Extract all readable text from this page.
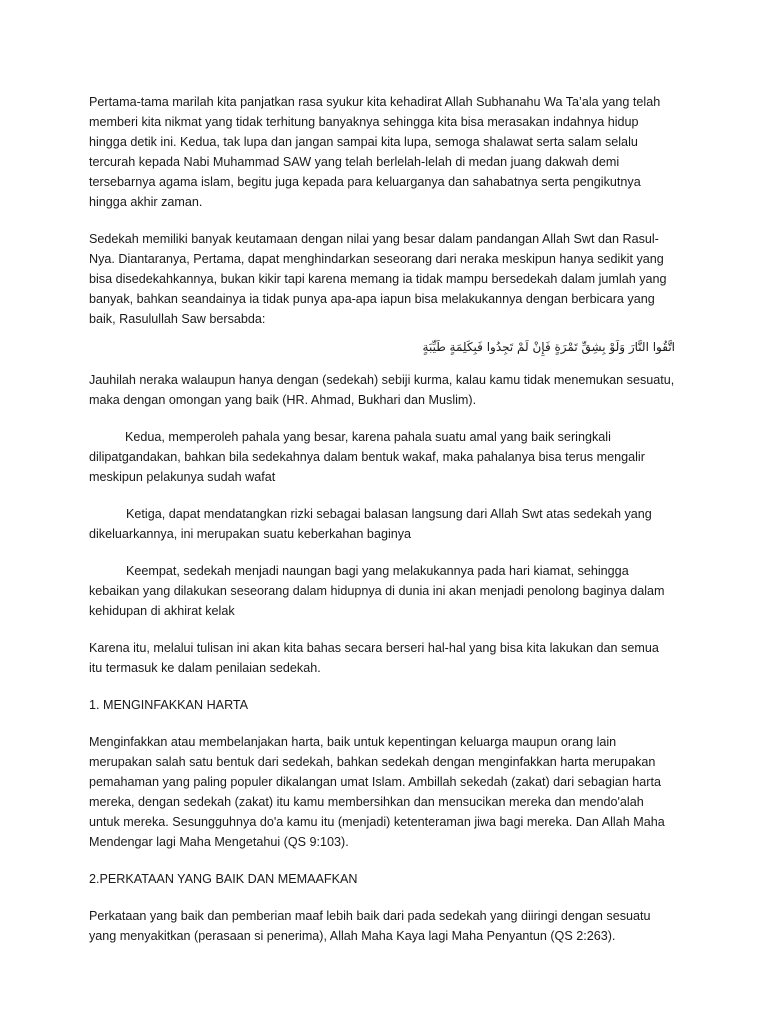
Pertama-tama marilah kita panjatkan rasa syukur kita kehadirat Allah Subhanahu Wa Ta’ala yang telah memberi kita nikmat yang tidak terhitung banyaknya sehingga kita bisa merasakan indahnya hidup hingga detik ini. Kedua, tak lupa dan jangan sampai kita lupa, semoga shalawat serta salam selalu tercurah kepada Nabi Muhammad SAW yang telah berlelah-lelah di medan juang dakwah demi tersebarnya agama islam, begitu juga kepada para keluarganya dan sahabatnya serta pengikutnya hingga akhir zaman.

Sedekah memiliki banyak keutamaan dengan nilai yang besar dalam pandangan Allah Swt dan Rasul-Nya. Diantaranya, Pertama, dapat menghindarkan seseorang dari neraka meskipun hanya sedikit yang bisa disedekahkannya, bukan kikir tapi karena memang ia tidak mampu bersedekah dalam jumlah yang banyak, bahkan seandainya ia tidak punya apa-apa iapun bisa melakukannya dengan berbicara yang baik, Rasulullah Saw bersabda:

اتَّقُوا النَّارَ وَلَوْ بِشِقِّ تَمْرَةٍ فَإِنْ لَمْ تَجِدُوا فَبِكَلِمَةٍ طَيِّبَةٍ

Jauhilah neraka walaupun hanya dengan (sedekah) sebiji kurma, kalau kamu tidak menemukan sesuatu, maka dengan omongan yang baik (HR. Ahmad, Bukhari dan Muslim).

Kedua, memperoleh pahala yang besar, karena pahala suatu amal yang baik seringkali dilipatgandakan, bahkan bila sedekahnya dalam bentuk wakaf, maka pahalanya bisa terus mengalir meskipun pelakunya sudah wafat

Ketiga, dapat mendatangkan rizki sebagai balasan langsung dari Allah Swt atas sedekah yang dikeluarkannya, ini merupakan suatu keberkahan baginya

Keempat, sedekah menjadi naungan bagi yang melakukannya pada hari kiamat, sehingga kebaikan yang dilakukan seseorang dalam hidupnya di dunia ini akan menjadi penolong baginya dalam kehidupan di akhirat kelak

Karena itu, melalui tulisan ini akan kita bahas secara berseri hal-hal yang bisa kita lakukan dan semua itu termasuk ke dalam penilaian sedekah.

1. MENGINFAKKAN HARTA

Menginfakkan atau membelanjakan harta, baik untuk kepentingan keluarga maupun orang lain merupakan salah satu bentuk dari sedekah, bahkan sedekah dengan menginfakkan harta merupakan pemahaman yang paling populer dikalangan umat Islam. Ambillah sekedah (zakat) dari sebagian harta mereka, dengan sedekah (zakat) itu kamu membersihkan dan mensucikan mereka dan mendo'alah untuk mereka. Sesungguhnya do'a kamu itu (menjadi) ketenteraman jiwa bagi mereka. Dan Allah Maha Mendengar lagi Maha Mengetahui (QS 9:103).

2.PERKATAAN YANG BAIK DAN MEMAAFKAN

Perkataan yang baik dan pemberian maaf lebih baik dari pada sedekah yang diiringi dengan sesuatu yang menyakitkan (perasaan si penerima), Allah Maha Kaya lagi Maha Penyantun (QS 2:263).
